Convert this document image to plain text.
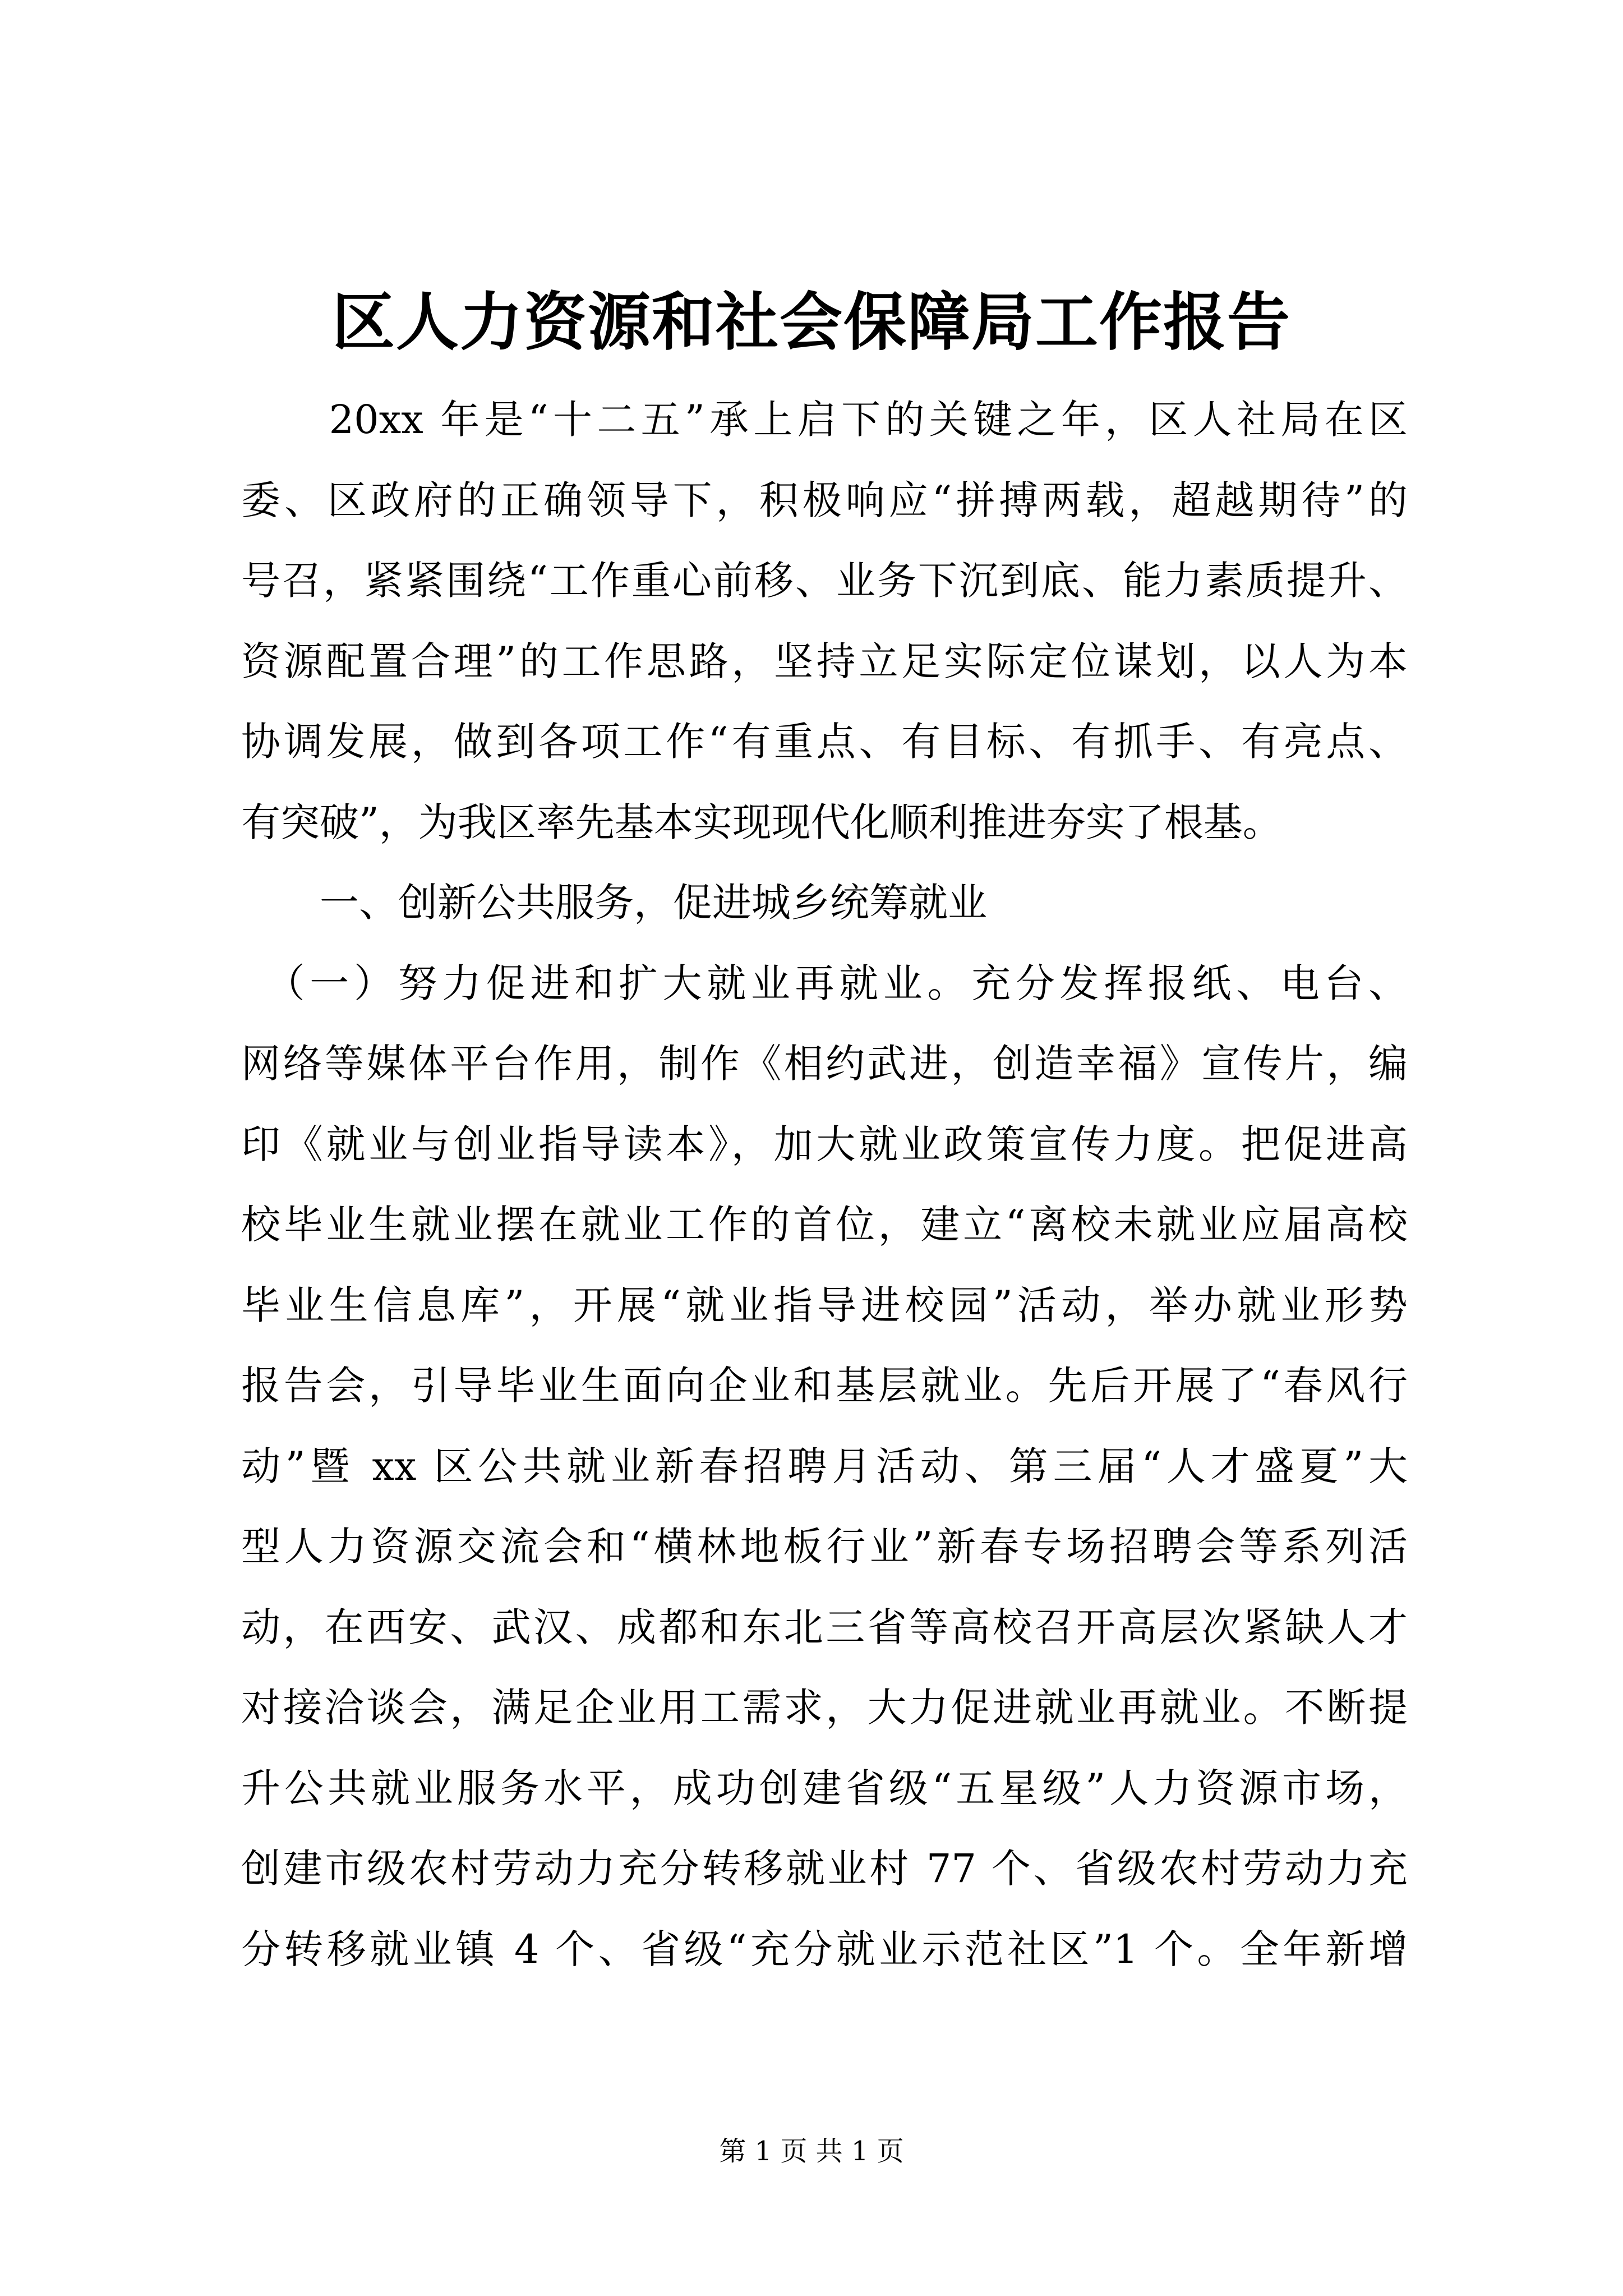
区人力资源和社会保障局工作报告

　　20xx 年是“十二五”承上启下的关键之年，区人社局在区

委、区政府的正确领导下，积极响应“拼搏两载，超越期待”的

号召，紧紧围绕“工作重心前移、业务下沉到底、能力素质提升、

资源配置合理”的工作思路，坚持立足实际定位谋划，以人为本

协调发展，做到各项工作“有重点、有目标、有抓手、有亮点、

有突破”，为我区率先基本实现现代化顺利推进夯实了根基。

　　一、创新公共服务，促进城乡统筹就业

　（一）努力促进和扩大就业再就业。充分发挥报纸、电台、

网络等媒体平台作用，制作《相约武进，创造幸福》宣传片，编

印《就业与创业指导读本》，加大就业政策宣传力度。把促进高

校毕业生就业摆在就业工作的首位，建立“离校未就业应届高校

毕业生信息库”，开展“就业指导进校园”活动，举办就业形势

报告会，引导毕业生面向企业和基层就业。先后开展了“春风行

动”暨 xx 区公共就业新春招聘月活动、第三届“人才盛夏”大

型人力资源交流会和“横林地板行业”新春专场招聘会等系列活

动，在西安、武汉、成都和东北三省等高校召开高层次紧缺人才

对接洽谈会，满足企业用工需求，大力促进就业再就业。不断提

升公共就业服务水平，成功创建省级“五星级”人力资源市场，

创建市级农村劳动力充分转移就业村 77 个、省级农村劳动力充

分转移就业镇 4 个、省级“充分就业示范社区”1 个。全年新增

第 1 页 共 1 页
